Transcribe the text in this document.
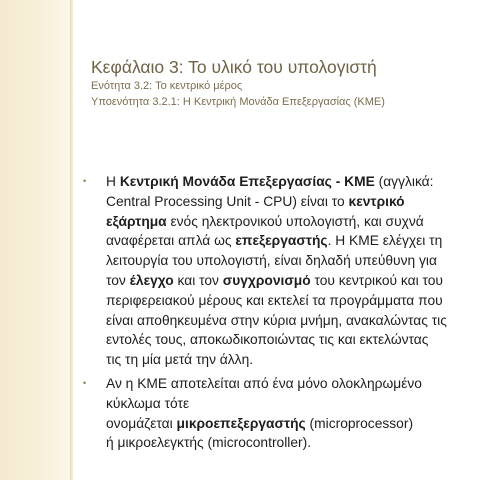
Κεφάλαιο 3: Το υλικό του υπολογιστή

Ενότητα 3.2: Το κεντρικό μέρος

Υποενότητα 3.2.1: Η Κεντρική Μονάδα Επεξεργασίας (ΚΜΕ)

• Η Κεντρική Μονάδα Επεξεργασίας - ΚΜΕ (αγγλικά:
Central Processing Unit - CPU) είναι το κεντρικό
εξάρτημα ενός ηλεκτρονικού υπολογιστή, και συχνά
αναφέρεται απλά ως επεξεργαστής. Η ΚΜΕ ελέγχει τη
λειτουργία του υπολογιστή, είναι δηλαδή υπεύθυνη για
τον έλεγχο και τον συγχρονισμό του κεντρικού και του
περιφερειακού μέρους και εκτελεί τα προγράμματα που
είναι αποθηκευμένα στην κύρια μνήμη, ανακαλώντας τις
εντολές τους, αποκωδικοποιώντας τις και εκτελώντας
τις τη μία μετά την άλλη.
• Αν η ΚΜΕ αποτελείται από ένα μόνο ολοκληρωμένο
κύκλωμα τότε
ονομάζεται μικροεπεξεργαστής (microprocessor)
ή μικροελεγκτής (microcontroller).
